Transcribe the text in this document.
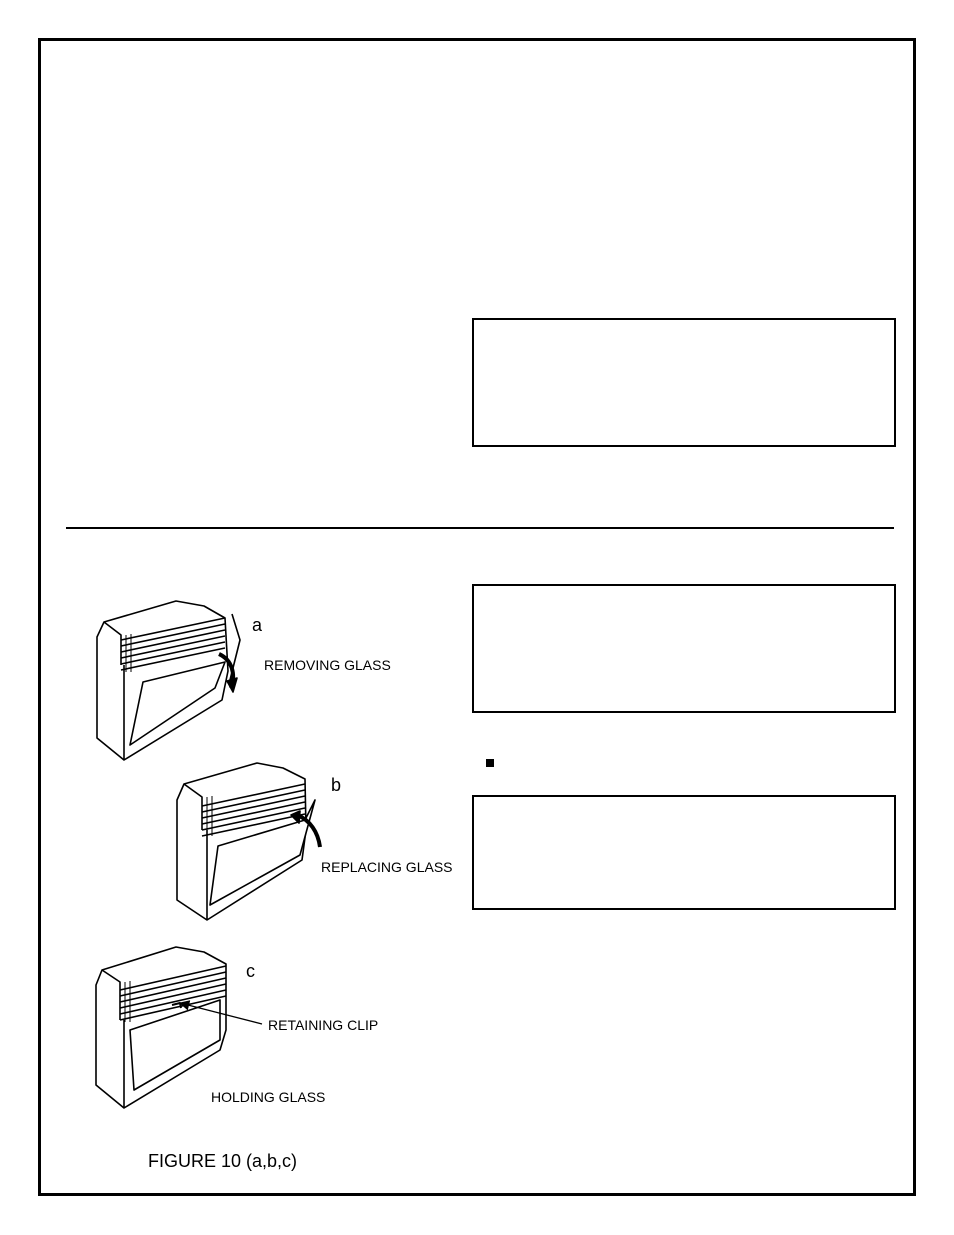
a
REMOVING GLASS
b
REPLACING GLASS
c
RETAINING CLIP
HOLDING GLASS
FIGURE 10 (a,b,c)
